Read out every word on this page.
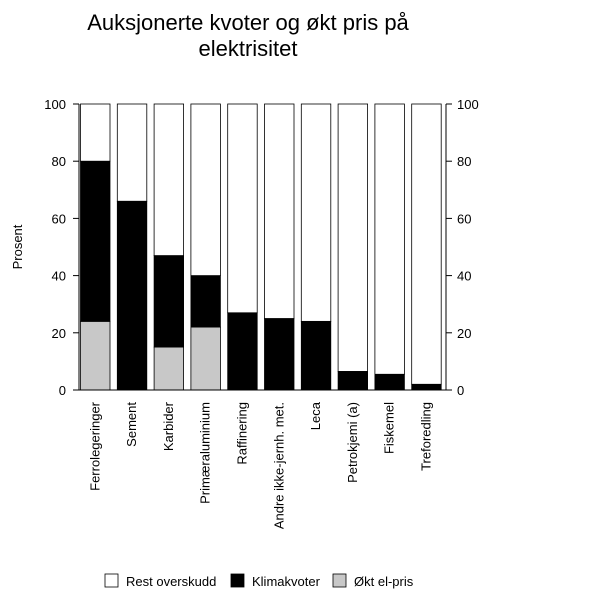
Auksjonerte kvoter og økt pris på
elektrisitet
Prosent
Ferrolegeringer Sement Karbider Primæraluminium Raffinering Andre ikke-jernh. met. Leca Petrokjemi (a) Fiskemel Treforedling
0	0
20	20
40	40
60	60
80	80
100	100
Rest overskudd	Klimakvoter	Økt el-pris
